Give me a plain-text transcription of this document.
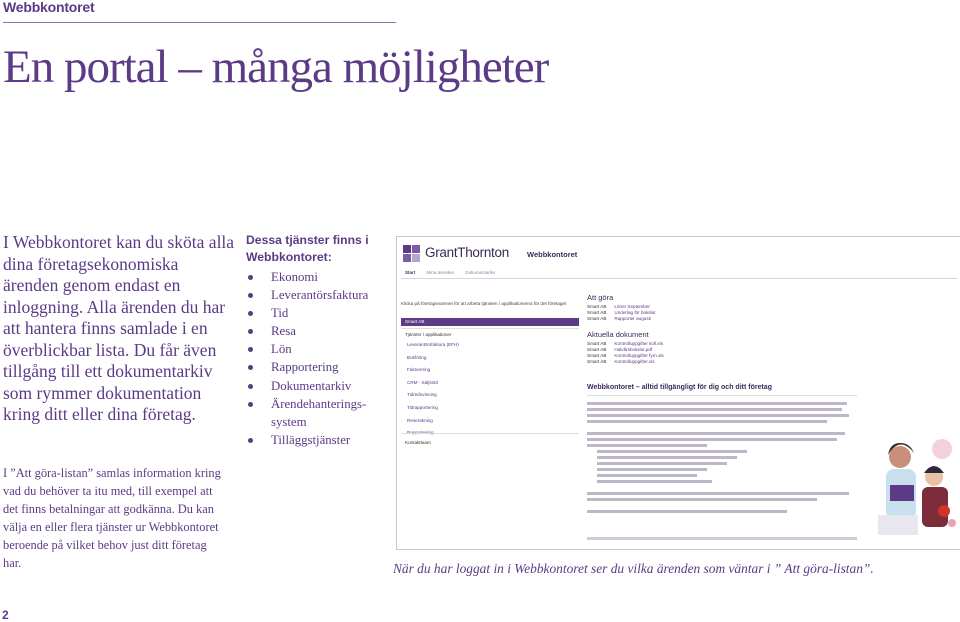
Webbkontoret
En portal – många möjligheter

I Webbkontoret kan du sköta alla dina företagsekonomiska ärenden genom endast en inloggning. Alla ärenden du har att hantera finns samlade i en överblickbar lista. Du får även tillgång till ett dokumentarkiv som rymmer dokumentation kring ditt eller dina företag.

I ”Att göra-listan” samlas information kring vad du behöver ta itu med, till exempel att det finns betalningar att godkänna. Du kan välja en eller flera tjänster ur Webbkontoret beroende på vilket behov just ditt företag har.

Dessa tjänster finns i Webbkontoret:
Ekonomi
Leverantörsfaktura
Tid
Resa
Lön
Rapportering
Dokumentarkiv
Ärendehanterings-
system
Tilläggstjänster
GrantThornton Webbkontoret
Start	Mina ärenden	Dokumentarkiv
Klicka på företagsnamnet för att arbeta tjänsten / applikationerna för det företaget
Smart AB
Tjänster / applikationer
Leverantörsfaktura (EFH)
Bokföring
Fakturering
CRM - Säljstöd
Tidredovisning
Tidrapportering
Reseräkning
Kontaktteam
Att göra
Smart AB Löner September
Smart AB Underlag för bokslut
Smart AB Rapporter augusti
Aktuella dokument
Smart AB Kontrolluppgifter koll.xls
Smart AB Halvårsbokslut.pdf
Smart AB Kontrolluppgifter fyrn.xls
Smart AB Kontrolluppgifter.xls
Webbkontoret – alltid tillgängligt för dig och ditt företag
När du har loggat in i Webbkontoret ser du vilka ärenden som väntar i ” Att göra-listan”.
2
